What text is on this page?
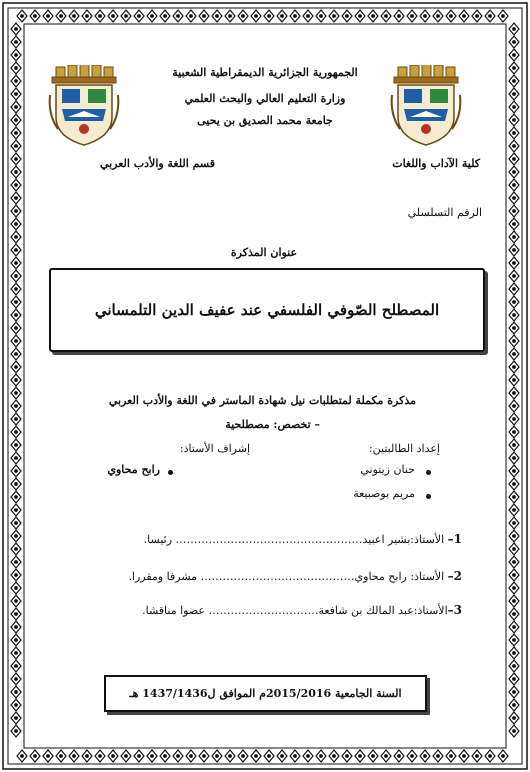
الجمهورية الجزائرية الديمقراطية الشعبية
وزارة التعليم العالي والبحث العلمي
جامعة محمد الصديق بن يحيى
كلية الآداب واللغات
قسم اللغة والأدب العربي
الرقم التسلسلي
عنوان المذكرة
المصطلح الصّوفي الفلسفي عند عفيف الدين التلمساني
مذكرة مكملة لمتطلبات نيل شهادة الماستر في اللغة والأدب العربي
– تخصص: مصطلحية
إعداد الطالبتين:
إشراف الأستاذ:
حنان زيتوني
مريم بوصبيعة
رابح محاوي
1– الأستاذ:بشير اعبيد…………………………………………… رئيسا.
2– الأستاذ: رابح محاوي…………………………………… مشرفا ومقررا.
3–الأستاذ:عبد المالك بن شافعة………………………… عضوا مناقشا.
السنة الجامعية 2015/2016م الموافق ل1437/1436 هـ
